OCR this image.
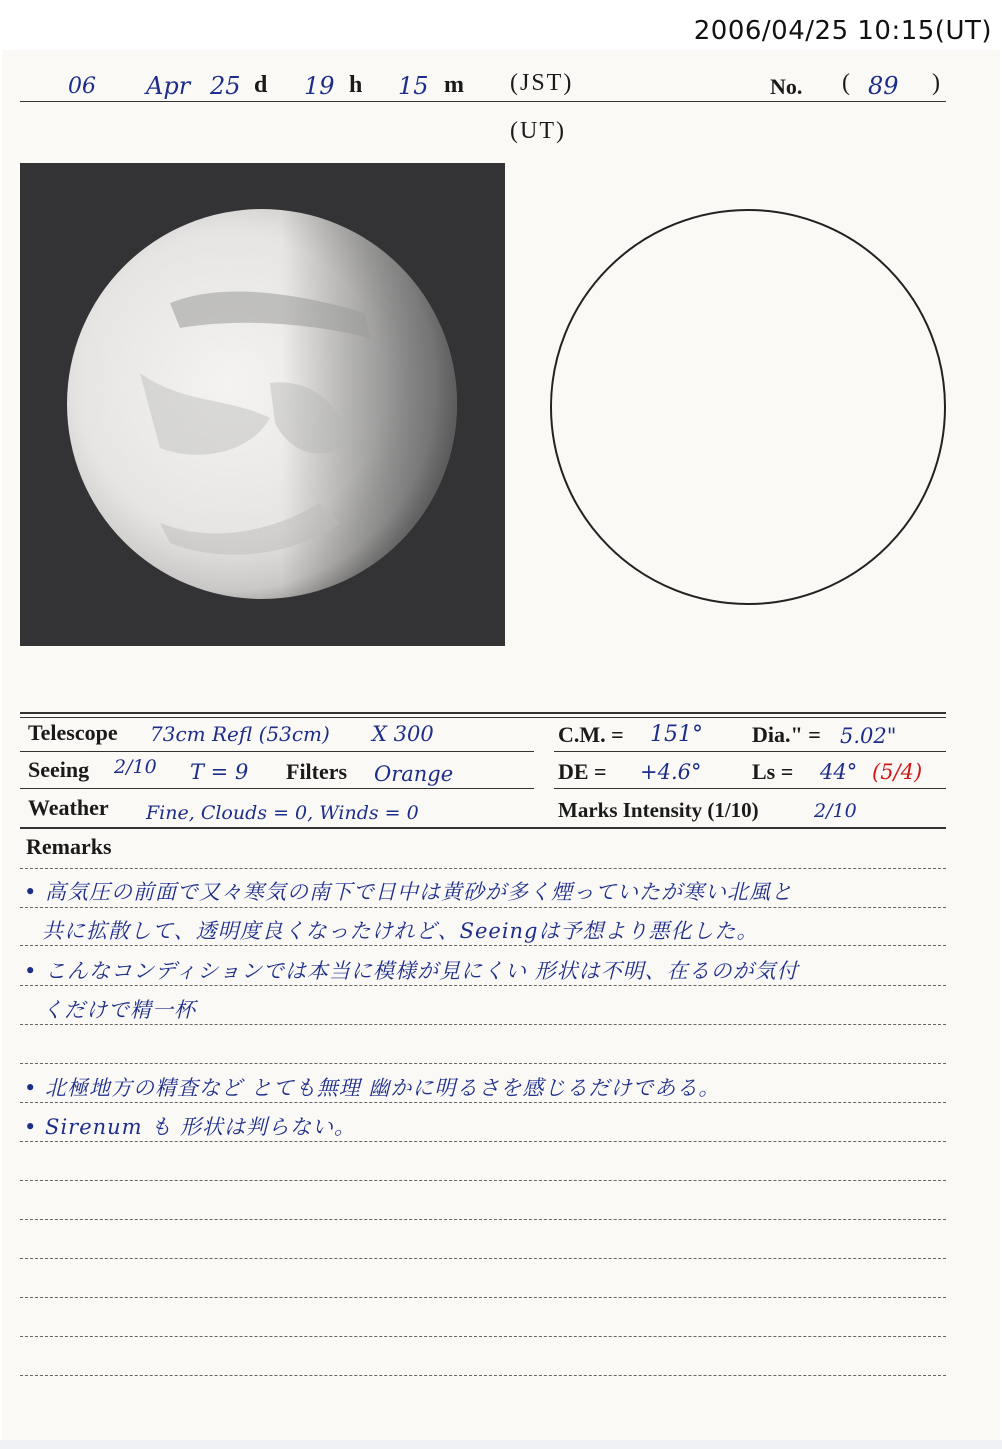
2006/04/25 10:15(UT)
06 Apr 25 d 19 h 15 m (JST)	No. ( 89 )
(UT)
Telescope 73cm Refl (53cm) X 300	C.M. = 151° Dia." = 5.02"
Seeing 2/10 T = 9 Filters Orange	DE = +4.6° Ls = 44° (5/4)
Weather Fine, Clouds = 0, Winds = 0	Marks Intensity (1/10)	2/10
Remarks
• 高気圧の前面で又々寒気の南下で日中は黄砂が多く煙っていたが寒い北風と
共に拡散して、透明度良くなったけれど、Seeingは予想より悪化した。
• こんなコンディションでは本当に模様が見にくい 形状は不明、在るのが気付
くだけで精一杯
• 北極地方の精査など とても無理 幽かに明るさを感じるだけである。
• Sirenum も 形状は判らない。
